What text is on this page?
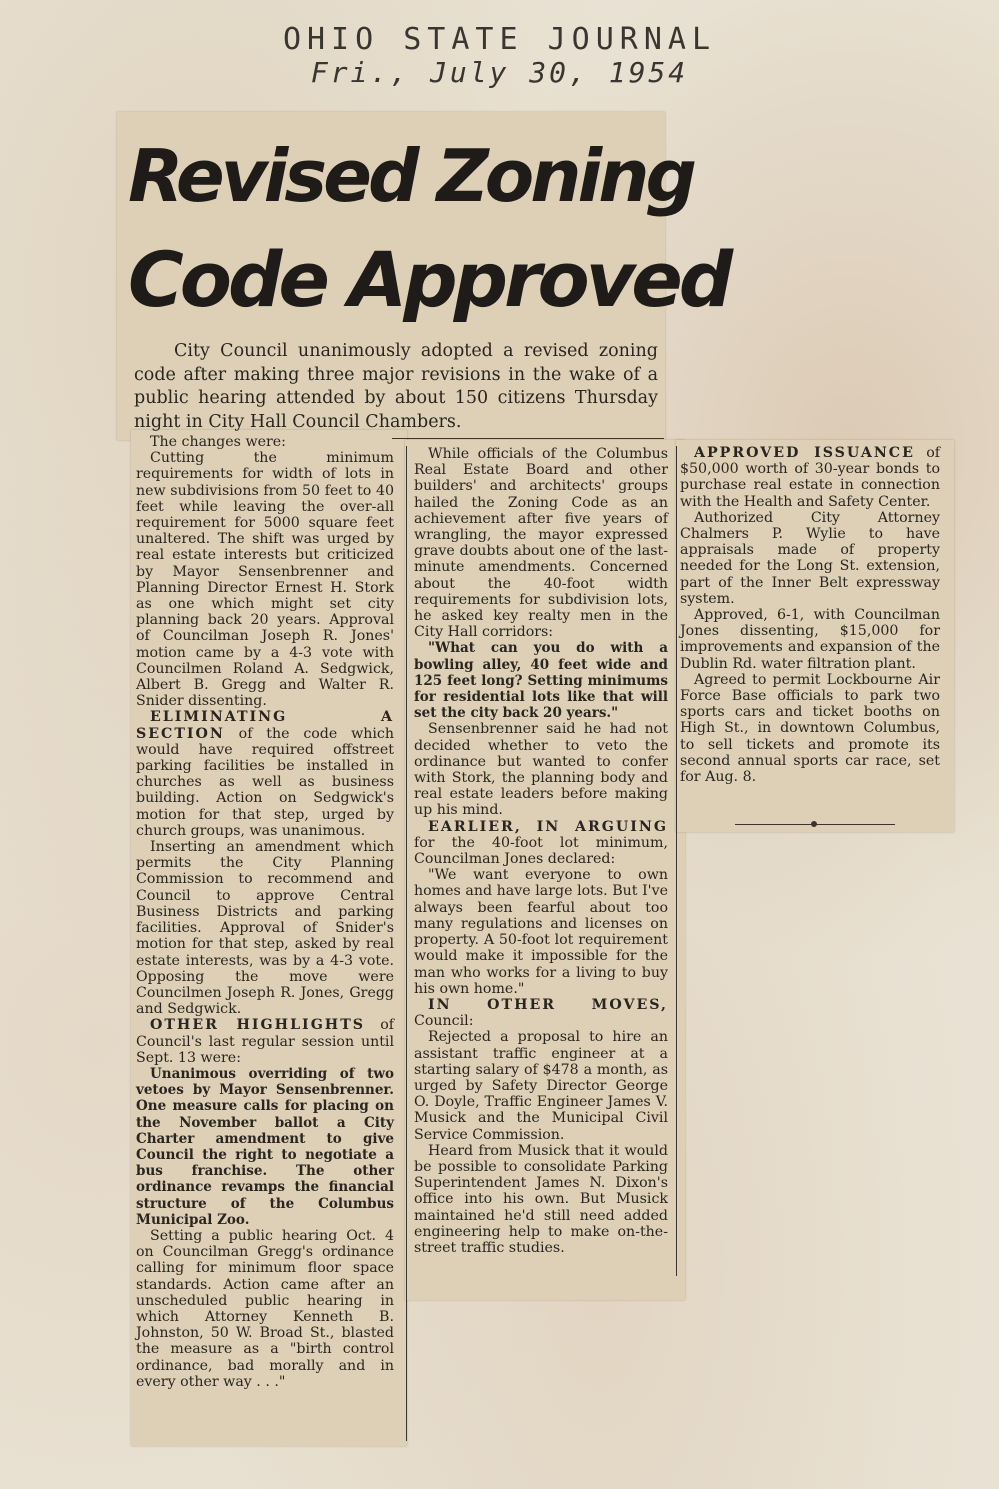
OHIO STATE JOURNAL
Fri., July 30, 1954
Revised Zoning
Code Approved

City Council unanimously adopted a revised zoning code after making three major revisions in the wake of a public hearing attended by about 150 citizens Thursday night in City Hall Council Chambers.

The changes were:

Cutting the minimum requirements for width of lots in new subdivisions from 50 feet to 40 feet while leaving the over-all requirement for 5000 square feet unaltered. The shift was urged by real estate interests but criticized by Mayor Sensenbrenner and Planning Director Ernest H. Stork as one which might set city planning back 20 years. Approval of Councilman Joseph R. Jones' motion came by a 4-3 vote with Councilmen Roland A. Sedgwick, Albert B. Gregg and Walter R. Snider dissenting.

ELIMINATING A SECTION of the code which would have required offstreet parking facilities be installed in churches as well as business building. Action on Sedgwick's motion for that step, urged by church groups, was unanimous.

Inserting an amendment which permits the City Planning Commission to recommend and Council to approve Central Business Districts and parking facilities. Approval of Snider's motion for that step, asked by real estate interests, was by a 4-3 vote. Opposing the move were Councilmen Joseph R. Jones, Gregg and Sedgwick.

OTHER HIGHLIGHTS of Council's last regular session until Sept. 13 were:

Unanimous overriding of two vetoes by Mayor Sensenbrenner. One measure calls for placing on the November ballot a City Charter amendment to give Council the right to negotiate a bus franchise. The other ordinance revamps the financial structure of the Columbus Municipal Zoo.

Setting a public hearing Oct. 4 on Councilman Gregg's ordinance calling for minimum floor space standards. Action came after an unscheduled public hearing in which Attorney Kenneth B. Johnston, 50 W. Broad St., blasted the measure as a "birth control ordinance, bad morally and in every other way . . ."

While officials of the Columbus Real Estate Board and other builders' and architects' groups hailed the Zoning Code as an achievement after five years of wrangling, the mayor expressed grave doubts about one of the last-minute amendments. Concerned about the 40-foot width requirements for subdivision lots, he asked key realty men in the City Hall corridors:

"What can you do with a bowling alley, 40 feet wide and 125 feet long? Setting minimums for residential lots like that will set the city back 20 years."

Sensenbrenner said he had not decided whether to veto the ordinance but wanted to confer with Stork, the planning body and real estate leaders before making up his mind.

EARLIER, IN ARGUING for the 40-foot lot minimum, Councilman Jones declared:

"We want everyone to own homes and have large lots. But I've always been fearful about too many regulations and licenses on property. A 50-foot lot requirement would make it impossible for the man who works for a living to buy his own home."

IN OTHER MOVES, Council:

Rejected a proposal to hire an assistant traffic engineer at a starting salary of $478 a month, as urged by Safety Director George O. Doyle, Traffic Engineer James V. Musick and the Municipal Civil Service Commission.

Heard from Musick that it would be possible to consolidate Parking Superintendent James N. Dixon's office into his own. But Musick maintained he'd still need added engineering help to make on-the-street traffic studies.

APPROVED ISSUANCE of $50,000 worth of 30-year bonds to purchase real estate in connection with the Health and Safety Center.

Authorized City Attorney Chalmers P. Wylie to have appraisals made of property needed for the Long St. extension, part of the Inner Belt expressway system.

Approved, 6-1, with Councilman Jones dissenting, $15,000 for improvements and expansion of the Dublin Rd. water filtration plant.

Agreed to permit Lockbourne Air Force Base officials to park two sports cars and ticket booths on High St., in downtown Columbus, to sell tickets and promote its second annual sports car race, set for Aug. 8.
